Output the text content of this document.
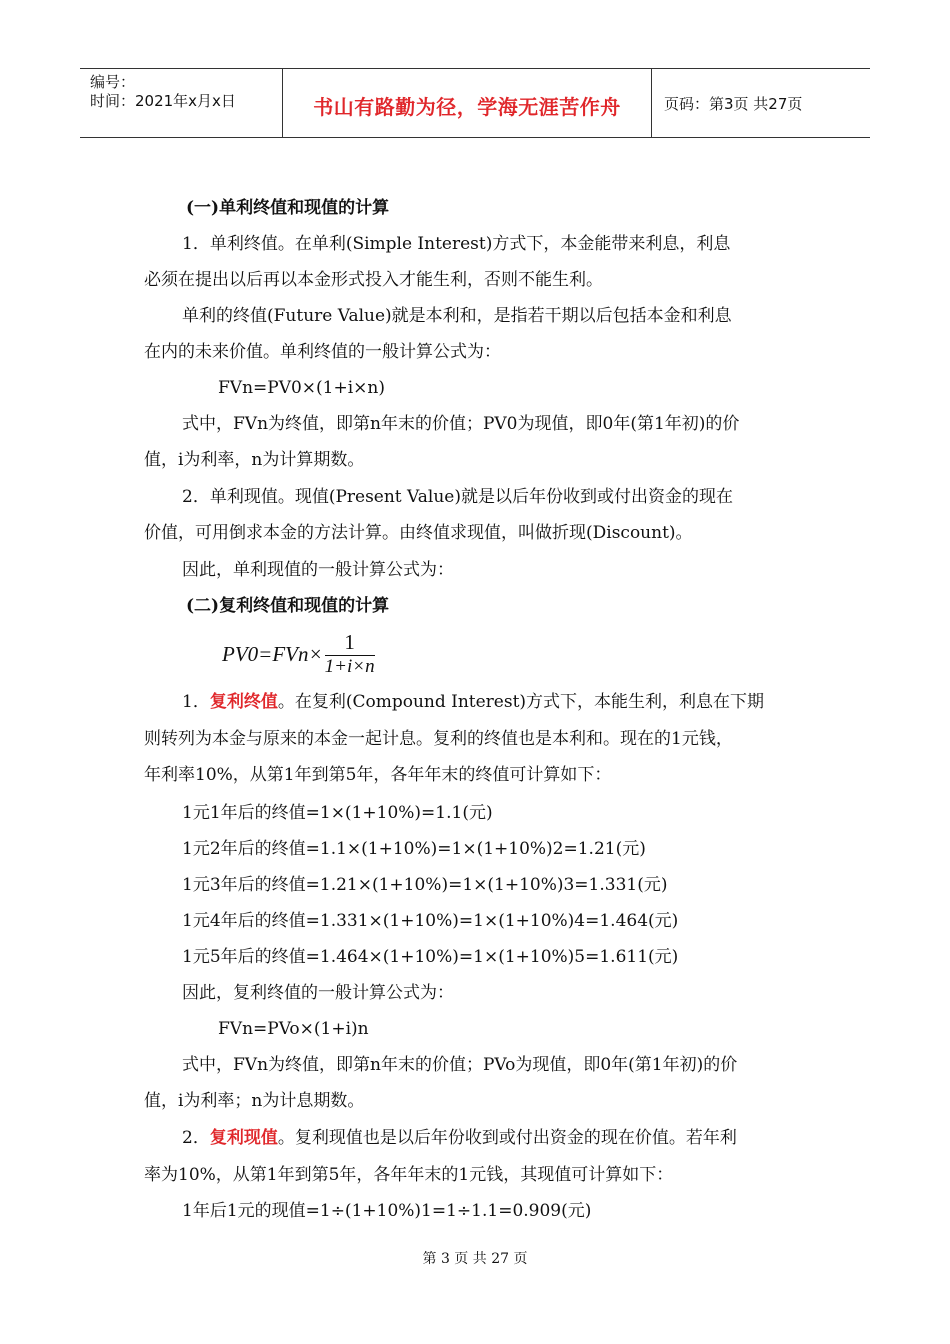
编号：
时间：2021年x月x日	书山有路勤为径，学海无涯苦作舟	页码：第3页 共27页
(一)单利终值和现值的计算
1．单利终值。在单利(Simple Interest)方式下，本金能带来利息，利息
必须在提出以后再以本金形式投入才能生利，否则不能生利。
单利的终值(Future Value)就是本利和，是指若干期以后包括本金和利息
在内的未来价值。单利终值的一般计算公式为：
FVn=PV0×(1+i×n)
式中，FVn为终值，即第n年末的价值；PV0为现值，即0年(第1年初)的价
值，i为利率，n为计算期数。
2．单利现值。现值(Present Value)就是以后年份收到或付出资金的现在
价值，可用倒求本金的方法计算。由终值求现值，叫做折现(Discount)。
因此，单利现值的一般计算公式为：
(二)复利终值和现值的计算
$PV0=FVn\times \frac{1}{1+i\times n}$
1．复利终值。在复利(Compound Interest)方式下，本能生利，利息在下期
则转列为本金与原来的本金一起计息。复利的终值也是本利和。现在的1元钱，
年利率10%，从第1年到第5年，各年年末的终值可计算如下：
1元1年后的终值=1×(1+10%)=1.1(元)
1元2年后的终值=1.1×(1+10%)=1×(1+10%)2=1.21(元)
1元3年后的终值=1.21×(1+10%)=1×(1+10%)3=1.331(元)
1元4年后的终值=1.331×(1+10%)=1×(1+10%)4=1.464(元)
1元5年后的终值=1.464×(1+10%)=1×(1+10%)5=1.611(元)
因此，复利终值的一般计算公式为：
FVn=PVo×(1+i)n
式中，FVn为终值，即第n年末的价值；PVo为现值，即0年(第1年初)的价
值，i为利率；n为计息期数。
2．复利现值。复利现值也是以后年份收到或付出资金的现在价值。若年利
率为10%，从第1年到第5年，各年年末的1元钱，其现值可计算如下：
1年后1元的现值=1÷(1+10%)1=1÷1.1=0.909(元)
第 3 页 共 27 页
